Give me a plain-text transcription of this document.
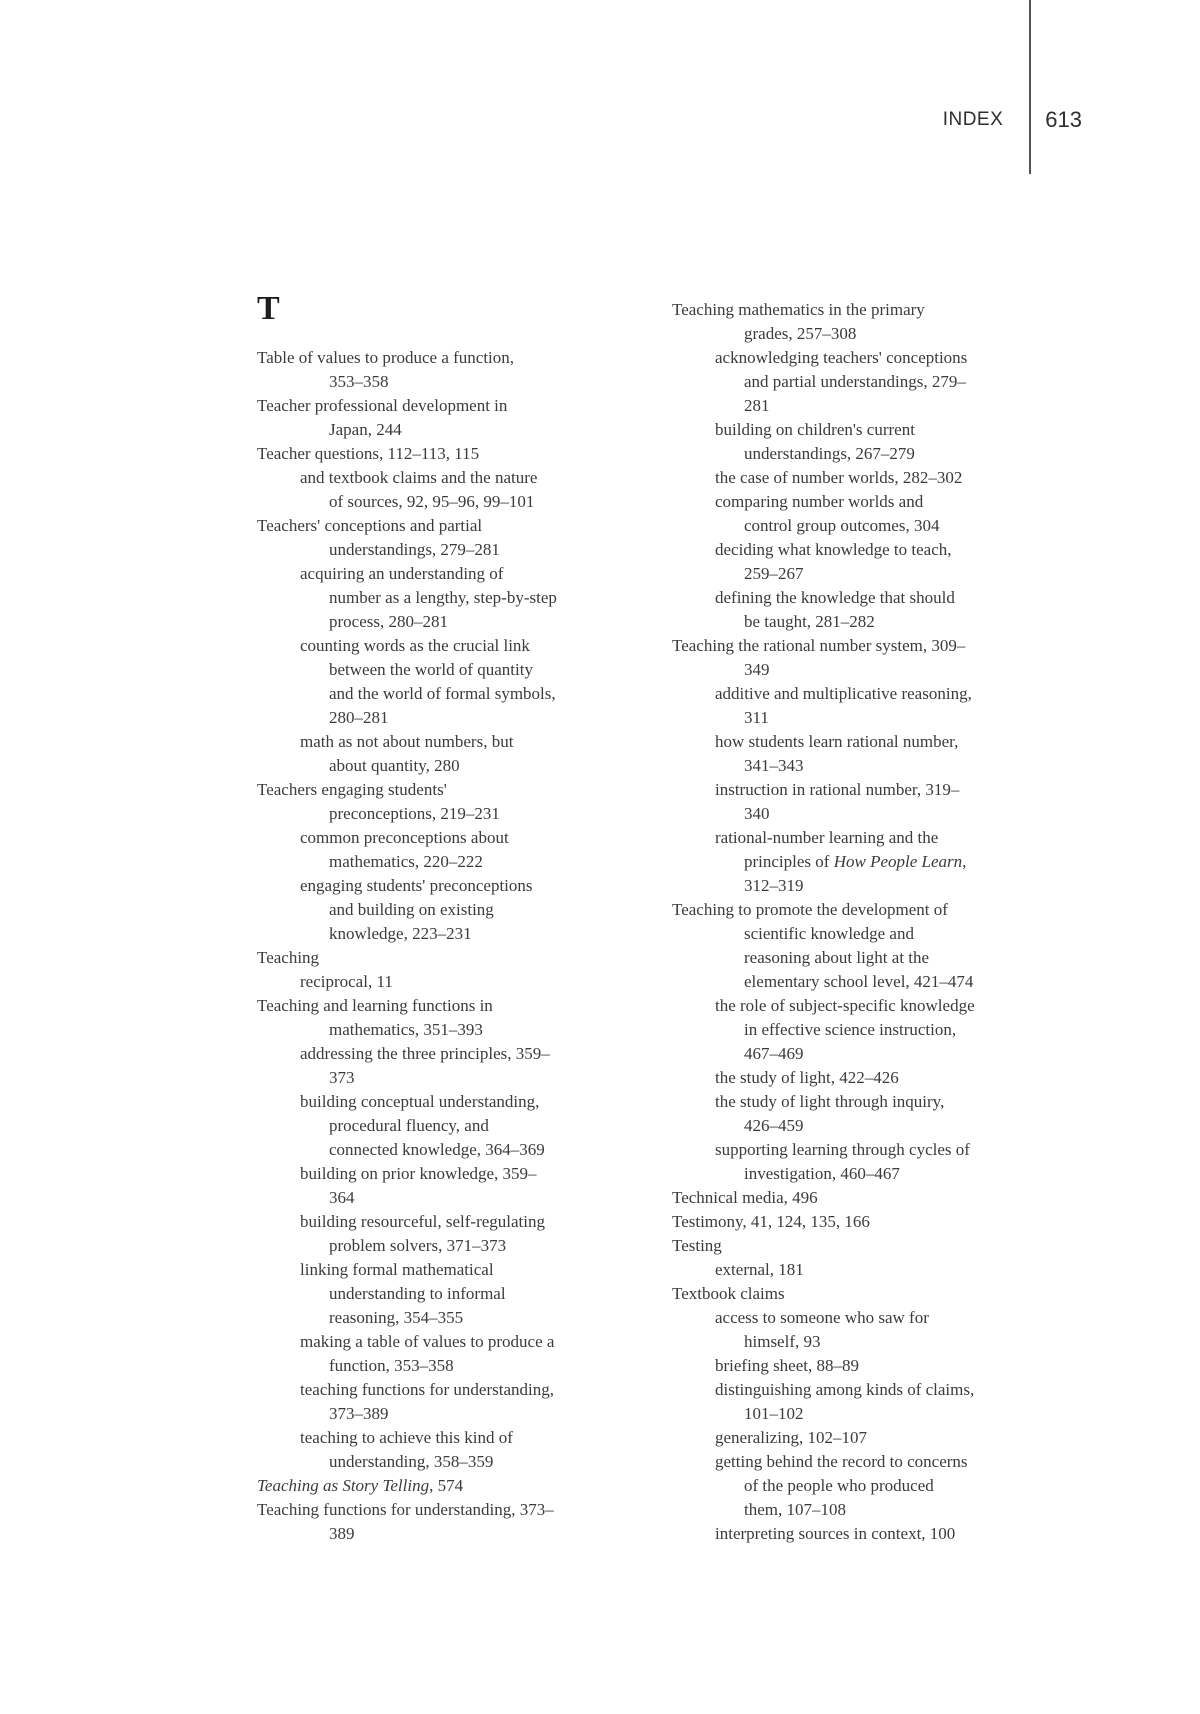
INDEX 613
T
Table of values to produce a function,
353–358
Teacher professional development in
Japan, 244
Teacher questions, 112–113, 115
and textbook claims and the nature
of sources, 92, 95–96, 99–101
Teachers' conceptions and partial
understandings, 279–281
acquiring an understanding of
number as a lengthy, step-by-step
process, 280–281
counting words as the crucial link
between the world of quantity
and the world of formal symbols,
280–281
math as not about numbers, but
about quantity, 280
Teachers engaging students'
preconceptions, 219–231
common preconceptions about
mathematics, 220–222
engaging students' preconceptions
and building on existing
knowledge, 223–231
Teaching
reciprocal, 11
Teaching and learning functions in
mathematics, 351–393
addressing the three principles, 359–
373
building conceptual understanding,
procedural fluency, and
connected knowledge, 364–369
building on prior knowledge, 359–
364
building resourceful, self-regulating
problem solvers, 371–373
linking formal mathematical
understanding to informal
reasoning, 354–355
making a table of values to produce a
function, 353–358
teaching functions for understanding,
373–389
teaching to achieve this kind of
understanding, 358–359
Teaching as Story Telling, 574
Teaching functions for understanding, 373–
389
Teaching mathematics in the primary
grades, 257–308
acknowledging teachers' conceptions
and partial understandings, 279–
281
building on children's current
understandings, 267–279
the case of number worlds, 282–302
comparing number worlds and
control group outcomes, 304
deciding what knowledge to teach,
259–267
defining the knowledge that should
be taught, 281–282
Teaching the rational number system, 309–
349
additive and multiplicative reasoning,
311
how students learn rational number,
341–343
instruction in rational number, 319–
340
rational-number learning and the
principles of How People Learn,
312–319
Teaching to promote the development of
scientific knowledge and
reasoning about light at the
elementary school level, 421–474
the role of subject-specific knowledge
in effective science instruction,
467–469
the study of light, 422–426
the study of light through inquiry,
426–459
supporting learning through cycles of
investigation, 460–467
Technical media, 496
Testimony, 41, 124, 135, 166
Testing
external, 181
Textbook claims
access to someone who saw for
himself, 93
briefing sheet, 88–89
distinguishing among kinds of claims,
101–102
generalizing, 102–107
getting behind the record to concerns
of the people who produced
them, 107–108
interpreting sources in context, 100
